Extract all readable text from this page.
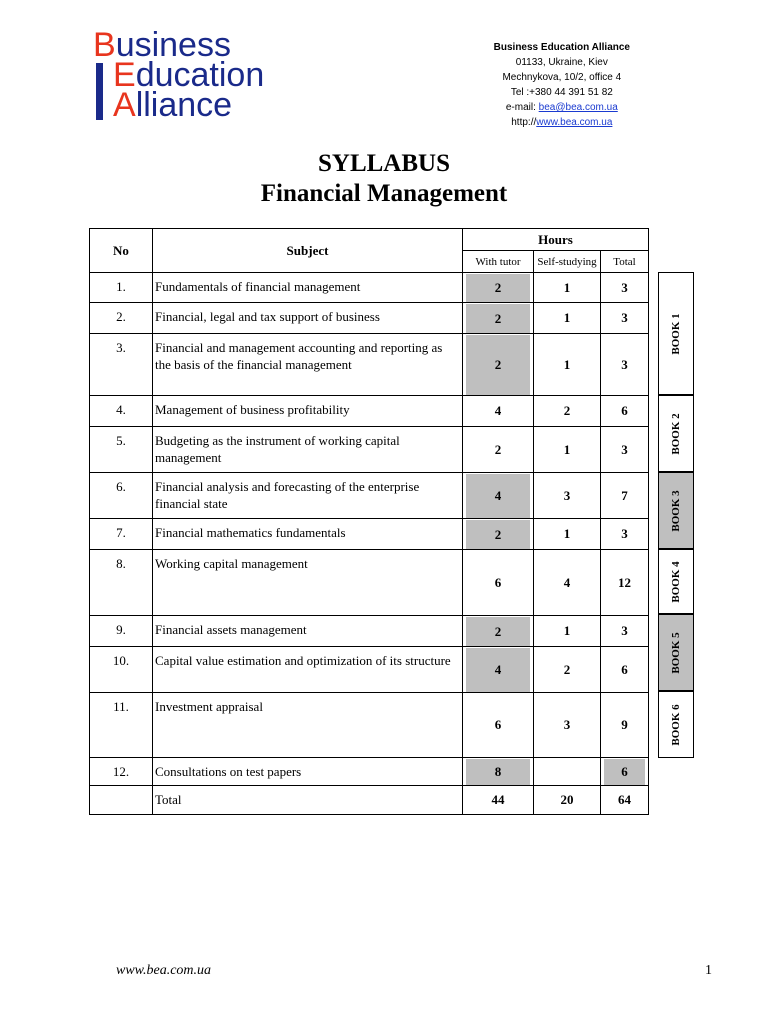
Business
Education
Alliance
Business Education Alliance
01133, Ukraine, Kiev
Mechnykova, 10/2, office 4
Tel :+380 44 391 51 82
e-mail: bea@bea.com.ua
http://www.bea.com.ua
SYLLABUS
Financial Management
No	Subject	Hours		
		With tutor	Self-studying	Total
1.	Fundamentals of financial management	2	1	3
2.	Financial, legal and tax support of business	2	1	3
3.	Financial and management accounting and reporting as the basis of the financial management	2	1	3
4.	Management of business profitability	4	2	6
5.	Budgeting as the instrument of working capital management	2	1	3
6.	Financial analysis and forecasting of the enterprise financial state	4	3	7
7.	Financial mathematics fundamentals	2	1	3
8.	Working capital management	6	4	12
9.	Financial assets management	2	1	3
10.	Capital value estimation and optimization of its structure	4	2	6
11.	Investment appraisal	6	3	9
12.	Consultations on test papers	8		6

	Total	44	20	64
BOOK 1
BOOK 2
BOOK 3
BOOK 4
BOOK 5
BOOK 6
www.bea.com.ua	1
